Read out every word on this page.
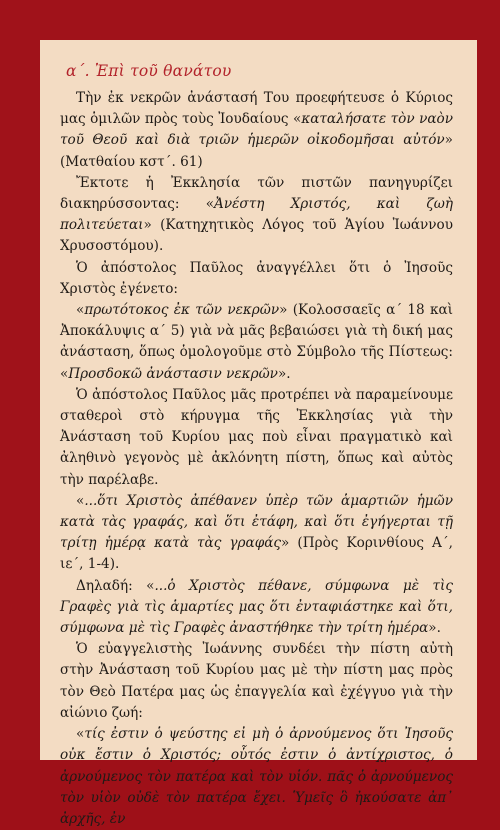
α΄. Ἐπὶ τοῦ θανάτου

Τὴν ἐκ νεκρῶν ἀνάστασή Του προεφήτευσε ὁ Κύριος μας ὁμιλῶν πρὸς τοὺς Ἰουδαίους «καταλήσατε τὸν ναὸν τοῦ Θεοῦ καὶ διὰ τριῶν ἡμερῶν οἰκοδομῆσαι αὐτόν» (Ματθαίου κστ΄. 61)

Ἔκτοτε ἡ Ἐκκλησία τῶν πιστῶν πανηγυρίζει διακηρύσσοντας: «Ἀνέστη Χριστός, καὶ ζωὴ πολιτεύεται» (Κατηχητικὸς Λόγος τοῦ Ἁγίου Ἰωάννου Χρυσοστόμου).

Ὁ ἀπόστολος Παῦλος ἀναγγέλλει ὅτι ὁ Ἰησοῦς Χριστὸς ἐγένετο:

«πρωτότοκος ἐκ τῶν νεκρῶν» (Κολοσσαεῖς α΄ 18 καὶ Ἀποκάλυψις α΄ 5) γιὰ νὰ μᾶς βεβαιώσει γιὰ τὴ δική μας ἀνάσταση, ὅπως ὁμολογοῦμε στὸ Σύμβολο τῆς Πίστεως: «Προσδοκῶ ἀνάστασιν νεκρῶν».

Ὁ ἀπόστολος Παῦλος μᾶς προτρέπει νὰ παραμείνουμε σταθεροὶ στὸ κήρυγμα τῆς Ἐκκλησίας γιὰ τὴν Ἀνάσταση τοῦ Κυρίου μας ποὺ εἶναι πραγματικὸ καὶ ἀληθινὸ γεγονὸς μὲ ἀκλόνητη πίστη, ὅπως καὶ αὐτὸς τὴν παρέλαβε.

«...ὅτι Χριστὸς ἀπέθανεν ὑπὲρ τῶν ἁμαρτιῶν ἡμῶν κατὰ τὰς γραφάς, καὶ ὅτι ἐτάφη, καὶ ὅτι ἐγήγερται τῇ τρίτῃ ἡμέρᾳ κατὰ τὰς γραφάς» (Πρὸς Κορινθίους Α΄, ιε΄, 1-4).

Δηλαδή: «...ὁ Χριστὸς πέθανε, σύμφωνα μὲ τὶς Γραφὲς γιὰ τὶς ἁμαρτίες μας ὅτι ἐνταφιάστηκε καὶ ὅτι, σύμφωνα μὲ τὶς Γραφὲς ἀναστήθηκε τὴν τρίτη ἡμέρα».

Ὁ εὐαγγελιστὴς Ἰωάννης συνδέει τὴν πίστη αὐτὴ στὴν Ἀνάσταση τοῦ Κυρίου μας μὲ τὴν πίστη μας πρὸς τὸν Θεὸ Πατέρα μας ὡς ἐπαγγελία καὶ ἐχέγγυο γιὰ τὴν αἰώνιο ζωή:

«τίς ἐστιν ὁ ψεύστης εἰ μὴ ὁ ἀρνούμενος ὅτι Ἰησοῦς οὐκ ἔστιν ὁ Χριστός; οὗτός ἐστιν ὁ ἀντίχριστος, ὁ ἀρνούμενος τὸν πατέρα καὶ τὸν υἱόν. πᾶς ὁ ἀρνούμενος τὸν υἱὸν οὐδὲ τὸν πατέρα ἔχει. Ὑμεῖς ὃ ἠκούσατε ἀπ᾽ ἀρχῆς, ἐν
